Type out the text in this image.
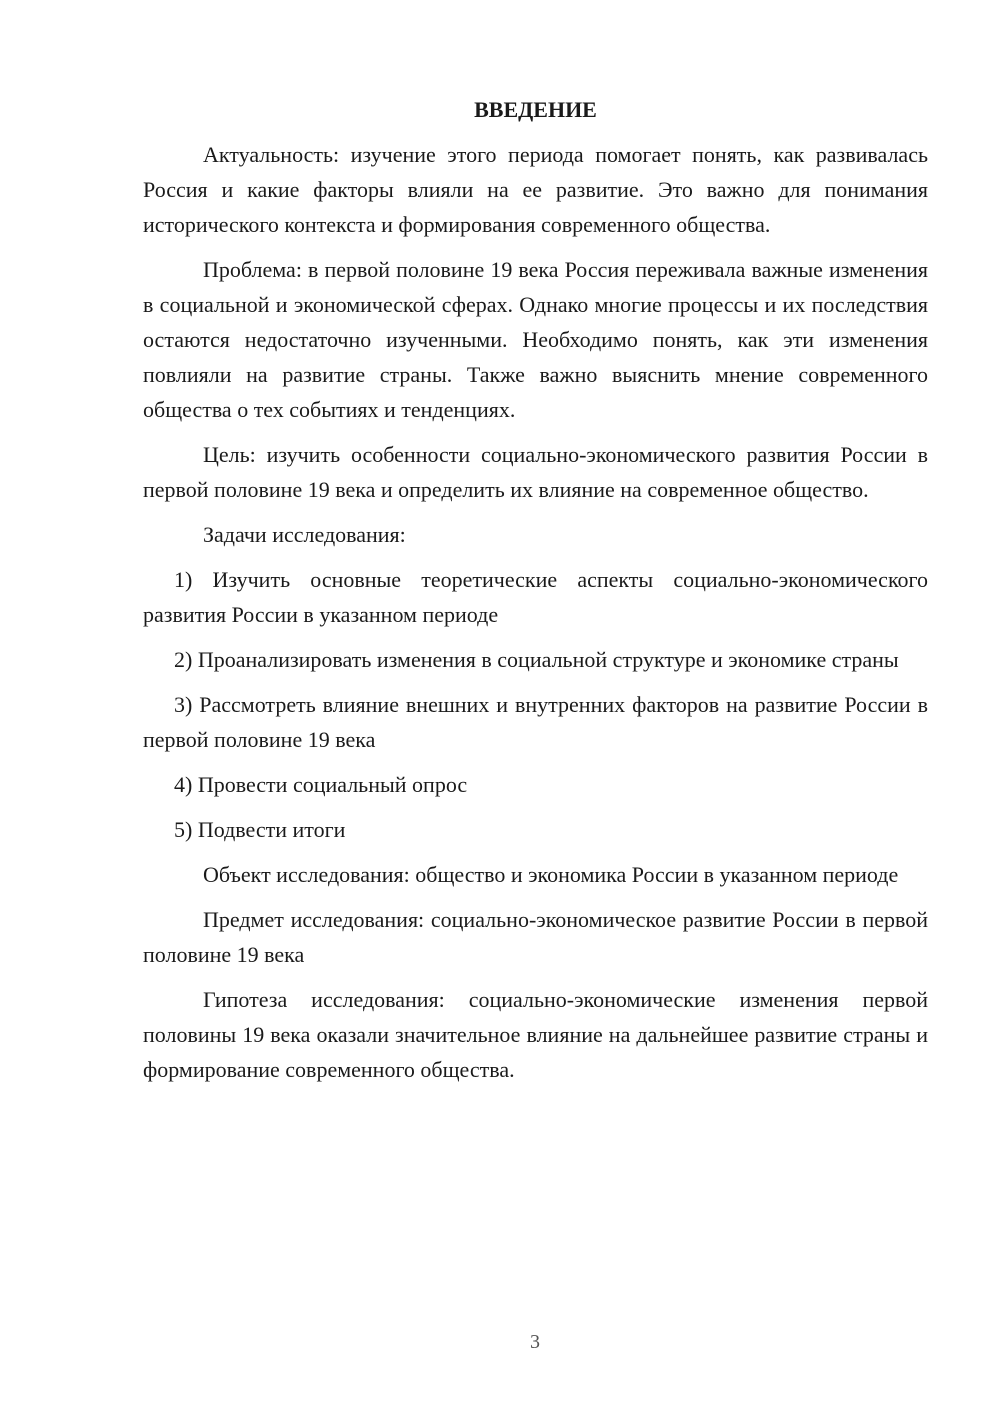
ВВЕДЕНИЕ

Актуальность: изучение этого периода помогает понять, как развивалась Россия и какие факторы влияли на ее развитие. Это важно для понимания исторического контекста и формирования современного общества.

Проблема: в первой половине 19 века Россия переживала важные изменения в социальной и экономической сферах. Однако многие процессы и их последствия остаются недостаточно изученными. Необходимо понять, как эти изменения повлияли на развитие страны. Также важно выяснить мнение современного общества о тех событиях и тенденциях.

Цель: изучить особенности социально-экономического развития России в первой половине 19 века и определить их влияние на современное общество.

Задачи исследования:

1) Изучить основные теоретические аспекты социально-экономического развития России в указанном периоде

2) Проанализировать изменения в социальной структуре и экономике страны

3) Рассмотреть влияние внешних и внутренних факторов на развитие России в первой половине 19 века

4) Провести социальный опрос

5) Подвести итоги

Объект исследования: общество и экономика России в указанном периоде

Предмет исследования: социально-экономическое развитие России в первой половине 19 века

Гипотеза исследования: социально-экономические изменения первой половины 19 века оказали значительное влияние на дальнейшее развитие страны и формирование современного общества.

3
